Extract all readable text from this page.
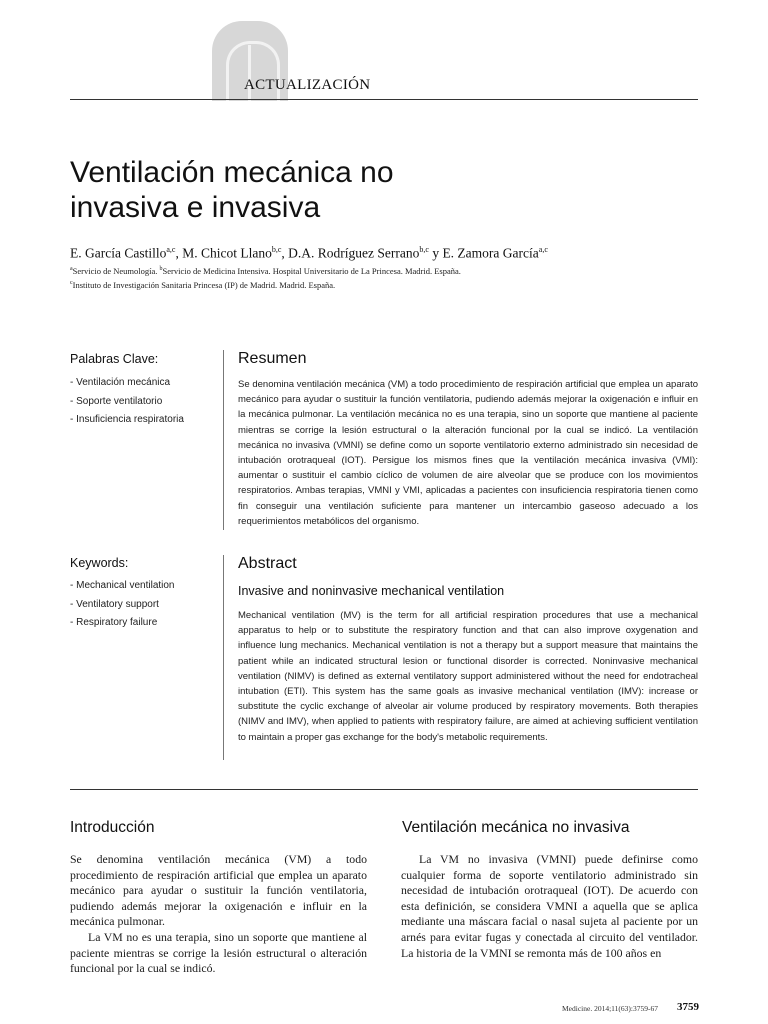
ACTUALIZACIÓN
Ventilación mecánica no
invasiva e invasiva
E. García Castillo$^{a,c}$, M. Chicot Llano$^{b,c}$, D.A. Rodríguez Serrano$^{b,c}$ y E. Zamora García$^{a,c}$
$^a$Servicio de Neumología. $^b$Servicio de Medicina Intensiva. Hospital Universitario de La Princesa. Madrid. España.
$^c$Instituto de Investigación Sanitaria Princesa (IP) de Madrid. Madrid. España.
Palabras Clave:
- Ventilación mecánica
- Soporte ventilatorio
- Insuficiencia respiratoria
Resumen

Se denomina ventilación mecánica (VM) a todo procedimiento de respiración artificial que emplea un aparato mecánico para ayudar o sustituir la función ventilatoria, pudiendo además mejorar la oxigenación e influir en la mecánica pulmonar. La ventilación mecánica no es una terapia, sino un soporte que mantiene al paciente mientras se corrige la lesión estructural o la alteración funcional por la cual se indicó. La ventilación mecánica no invasiva (VMNI) se define como un soporte ventilatorio externo administrado sin necesidad de intubación orotraqueal (IOT). Persigue los mismos fines que la ventilación mecánica invasiva (VMI): aumentar o sustituir el cambio cíclico de volumen de aire alveolar que se produce con los movimientos respiratorios. Ambas terapias, VMNI y VMI, aplicadas a pacientes con insuficiencia respiratoria tienen como fin conseguir una ventilación suficiente para mantener un intercambio gaseoso adecuado a los requerimientos metabólicos del organismo.

Keywords:
- Mechanical ventilation
- Ventilatory support
- Respiratory failure
Abstract
Invasive and noninvasive mechanical ventilation

Mechanical ventilation (MV) is the term for all artificial respiration procedures that use a mechanical apparatus to help or to substitute the respiratory function and that can also improve oxygenation and influence lung mechanics. Mechanical ventilation is not a therapy but a support measure that maintains the patient while an indicated structural lesion or functional disorder is corrected. Noninvasive mechanical ventilation (NIMV) is defined as external ventilatory support administered without the need for endotracheal intubation (ETI). This system has the same goals as invasive mechanical ventilation (IMV): increase or substitute the cyclic exchange of alveolar air volume produced by respiratory movements. Both therapies (NIMV and IMV), when applied to patients with respiratory failure, are aimed at achieving sufficient ventilation to maintain a proper gas exchange for the body's metabolic requirements.

Introducción

Se denomina ventilación mecánica (VM) a todo procedimiento de respiración artificial que emplea un aparato mecánico para ayudar o sustituir la función ventilatoria, pudiendo además mejorar la oxigenación e influir en la mecánica pulmonar.

La VM no es una terapia, sino un soporte que mantiene al paciente mientras se corrige la lesión estructural o alteración funcional por la cual se indicó.

Ventilación mecánica no invasiva

La VM no invasiva (VMNI) puede definirse como cualquier forma de soporte ventilatorio administrado sin necesidad de intubación orotraqueal (IOT). De acuerdo con esta definición, se considera VMNI a aquella que se aplica mediante una máscara facial o nasal sujeta al paciente por un arnés para evitar fugas y conectada al circuito del ventilador. La historia de la VMNI se remonta más de 100 años en

Medicine. 2014;11(63):3759-67 3759
